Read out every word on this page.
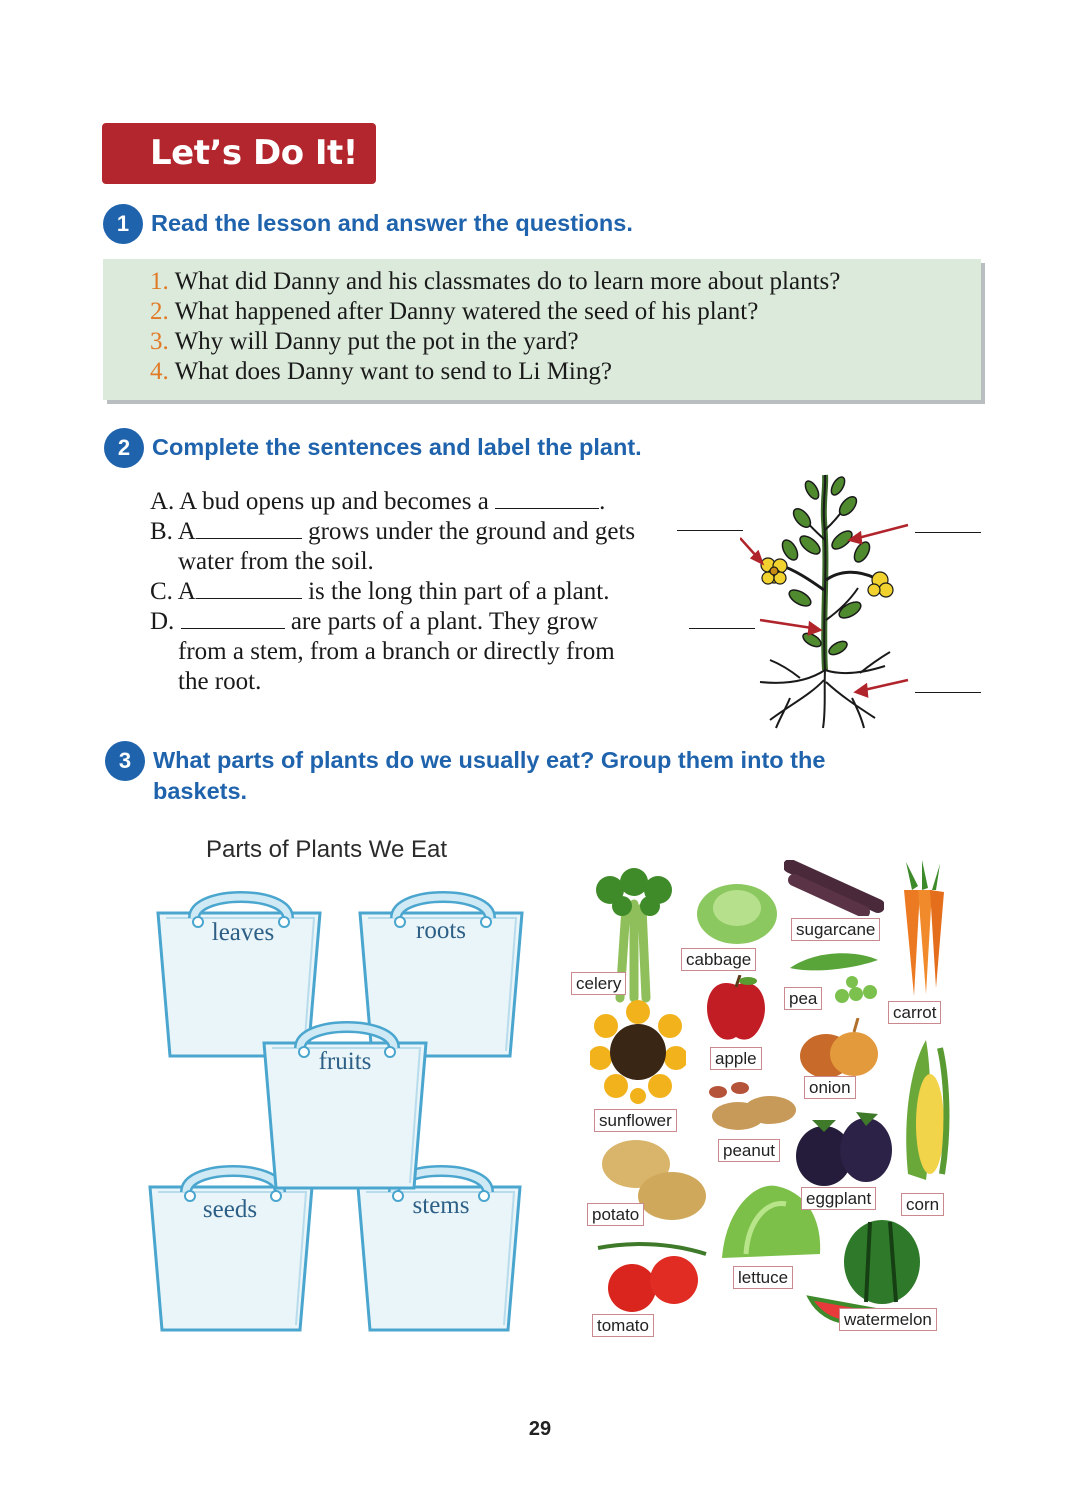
Let’s Do It!
1 Read the lesson and answer the questions.
1. What did Danny and his classmates do to learn more about plants?
2. What happened after Danny watered the seed of his plant?
3. Why will Danny put the pot in the yard?
4. What does Danny want to send to Li Ming?
2 Complete the sentences and label the plant.
A. A bud opens up and becomes a	.
B. A	grows under the ground and gets
water from the soil.
C. A	is the long thin part of a plant.
D.	are parts of a plant. They grow
from a stem, from a branch or directly from
the root.
3 What parts of plants do we usually eat? Group them into the
baskets.
Parts of Plants We Eat
leaves	roots
seeds	stems
fruits
celery
cabbage
sugarcane
pea
carrot
apple
onion
sunflower
peanut
potato
eggplant corn
lettuce
tomato	watermelon
29
